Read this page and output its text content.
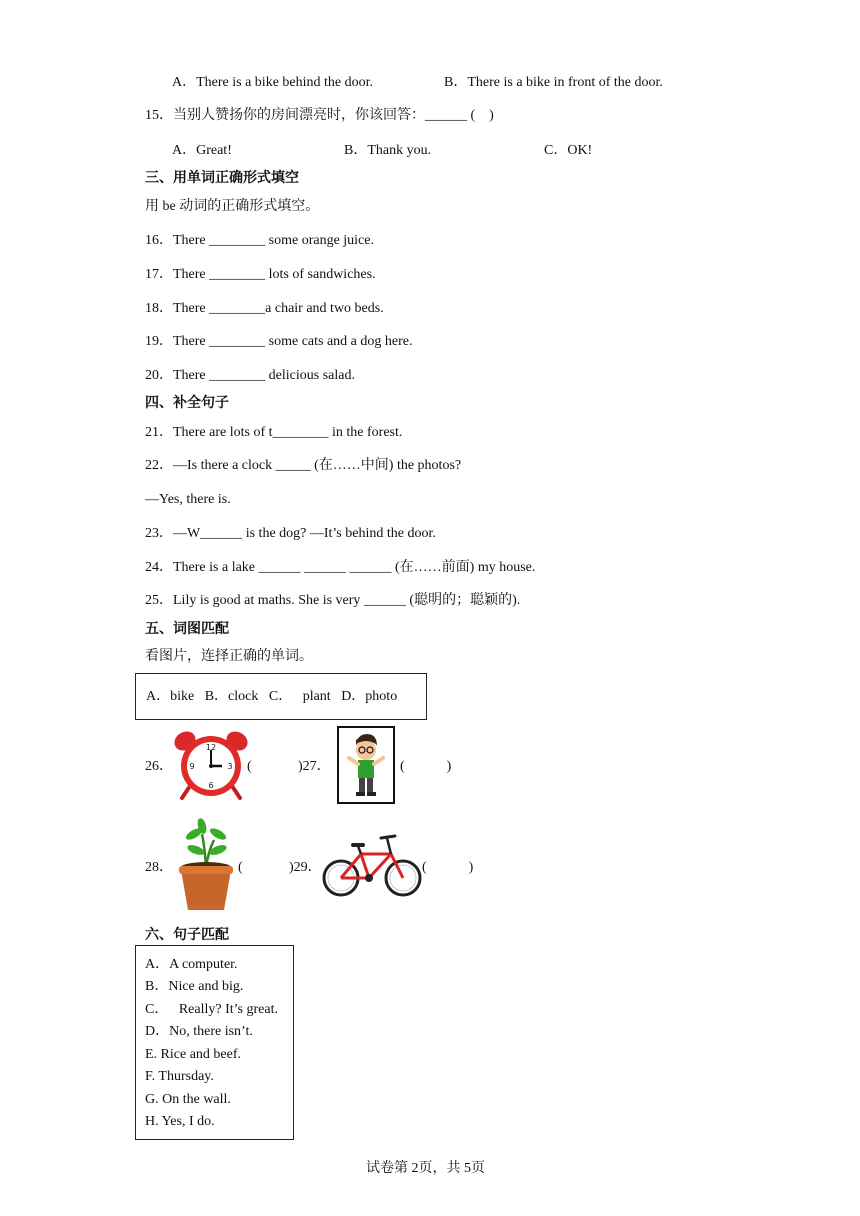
A．There is a bike behind the door.	B．There is a bike in front of the door.
15．当别人赞扬你的房间漂亮时，你该回答：______ (　)
A．Great!	B．Thank you.	C．OK!
三、用单词正确形式填空
用 be 动词的正确形式填空。
16．There ________ some orange juice.
17．There ________ lots of sandwiches.
18．There ________a chair and two beds.
19．There ________ some cats and a dog here.
20．There ________ delicious salad.
四、补全句子
21．There are lots of t________ in the forest.
22．—Is there a clock _____ (在……中间) the photos?
—Yes, there is.
23．—W______ is the dog? —It’s behind the door.
24．There is a lake ______ ______ ______ (在……前面) my house.
25．Lily is good at maths. She is very ______ (聪明的；聪颖的).
五、词图匹配
看图片，连择正确的单词。
A．bike   B．clock   C．   plant   D．photo
26．
12
3
6
9	(	)27．	(　　　)
28．	(	)29．	(　　　)
六、句子匹配
A．A computer.
B．Nice and big.
C．   Really? It’s great.
D．No, there isn’t.
E. Rice and beef.
F. Thursday.
G. On the wall.
H. Yes, I do.
试卷第 2页，共 5页
